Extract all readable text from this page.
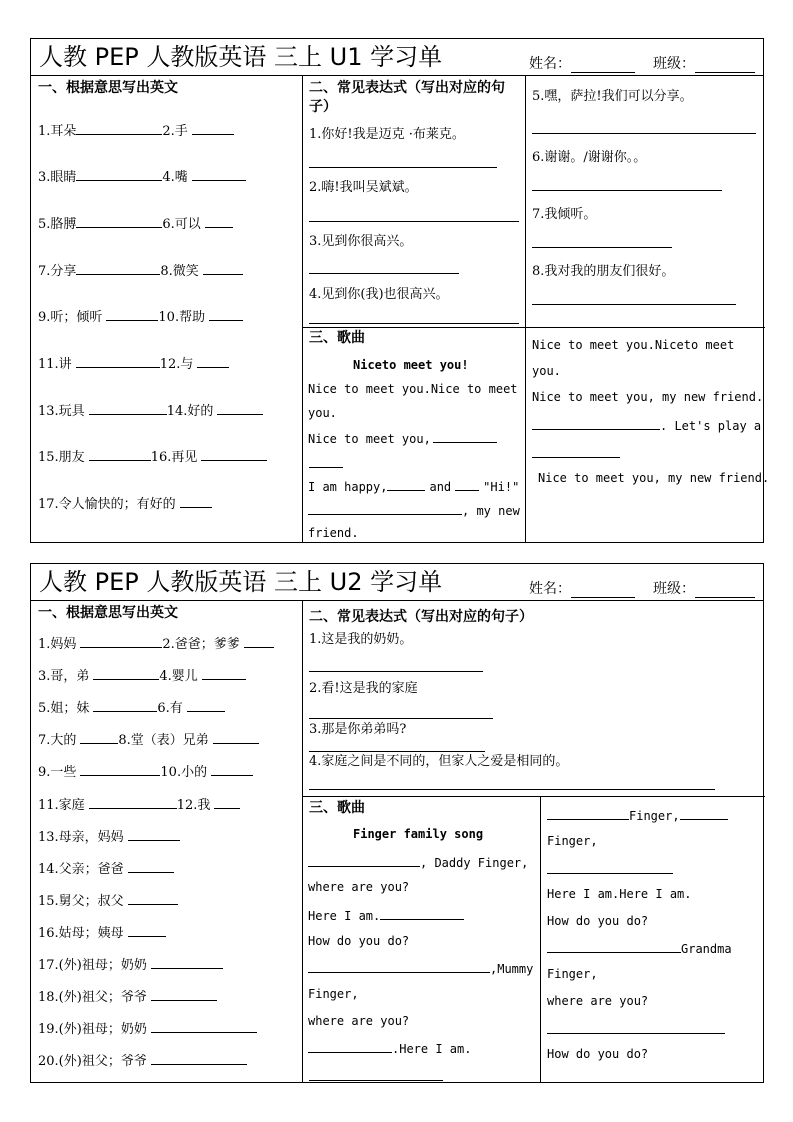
人教 PEP 人教版英语 三上 U1 学习单	姓名：	班级：
一、根据意思写出英文
1.耳朵	2.手
3.眼睛	4.嘴
5.胳膊	6.可以
7.分享	8.微笑
9.听；倾听	10.帮助
11.讲	12.与
13.玩具	14.好的
15.朋友	16.再见
17.令人愉快的；有好的
二、常见表达式（写出对应的句子）
1.你好!我是迈克 ·布莱克。
2.嗨!我叫吴斌斌。
3.见到你很高兴。
4.见到你(我)也很高兴。
5.嘿，萨拉!我们可以分享。
6.谢谢。/谢谢你。。
7.我倾听。
8.我对我的朋友们很好。
三、歌曲
Niceto meet you!
Nice to meet you.Nice to meet
you.
Nice to meet you,
I am happy,	and	"Hi!"
, my new
friend.
Nice to meet you.Niceto meet
you.
Nice to meet you, my new friend.
. Let's play a
Nice to meet you, my new friend.
人教 PEP 人教版英语 三上 U2 学习单	姓名：	班级：
一、根据意思写出英文
1.妈妈	2.爸爸；爹爹
3.哥，弟	4.婴儿
5.姐；妹	6.有
7.大的	8.堂（表）兄弟
9.一些	10.小的
11.家庭	12.我
13.母亲，妈妈
14.父亲；爸爸
15.舅父；叔父
16.姑母；姨母
17.(外)祖母；奶奶
18.(外)祖父；爷爷
19.(外)祖母；奶奶
20.(外)祖父；爷爷
二、常见表达式（写出对应的句子）
1.这是我的奶奶。
2.看!这是我的家庭
3.那是你弟弟吗?
4.家庭之间是不同的，但家人之爱是相同的。
三、歌曲
Finger family song
, Daddy Finger,
where are you?
Here I am.
How do you do?
,Mummy
Finger,
where are you?
.Here I am.
Finger,
Finger,
Here I am.Here I am.
How do you do?
Grandma
Finger,
where are you?
How do you do?
